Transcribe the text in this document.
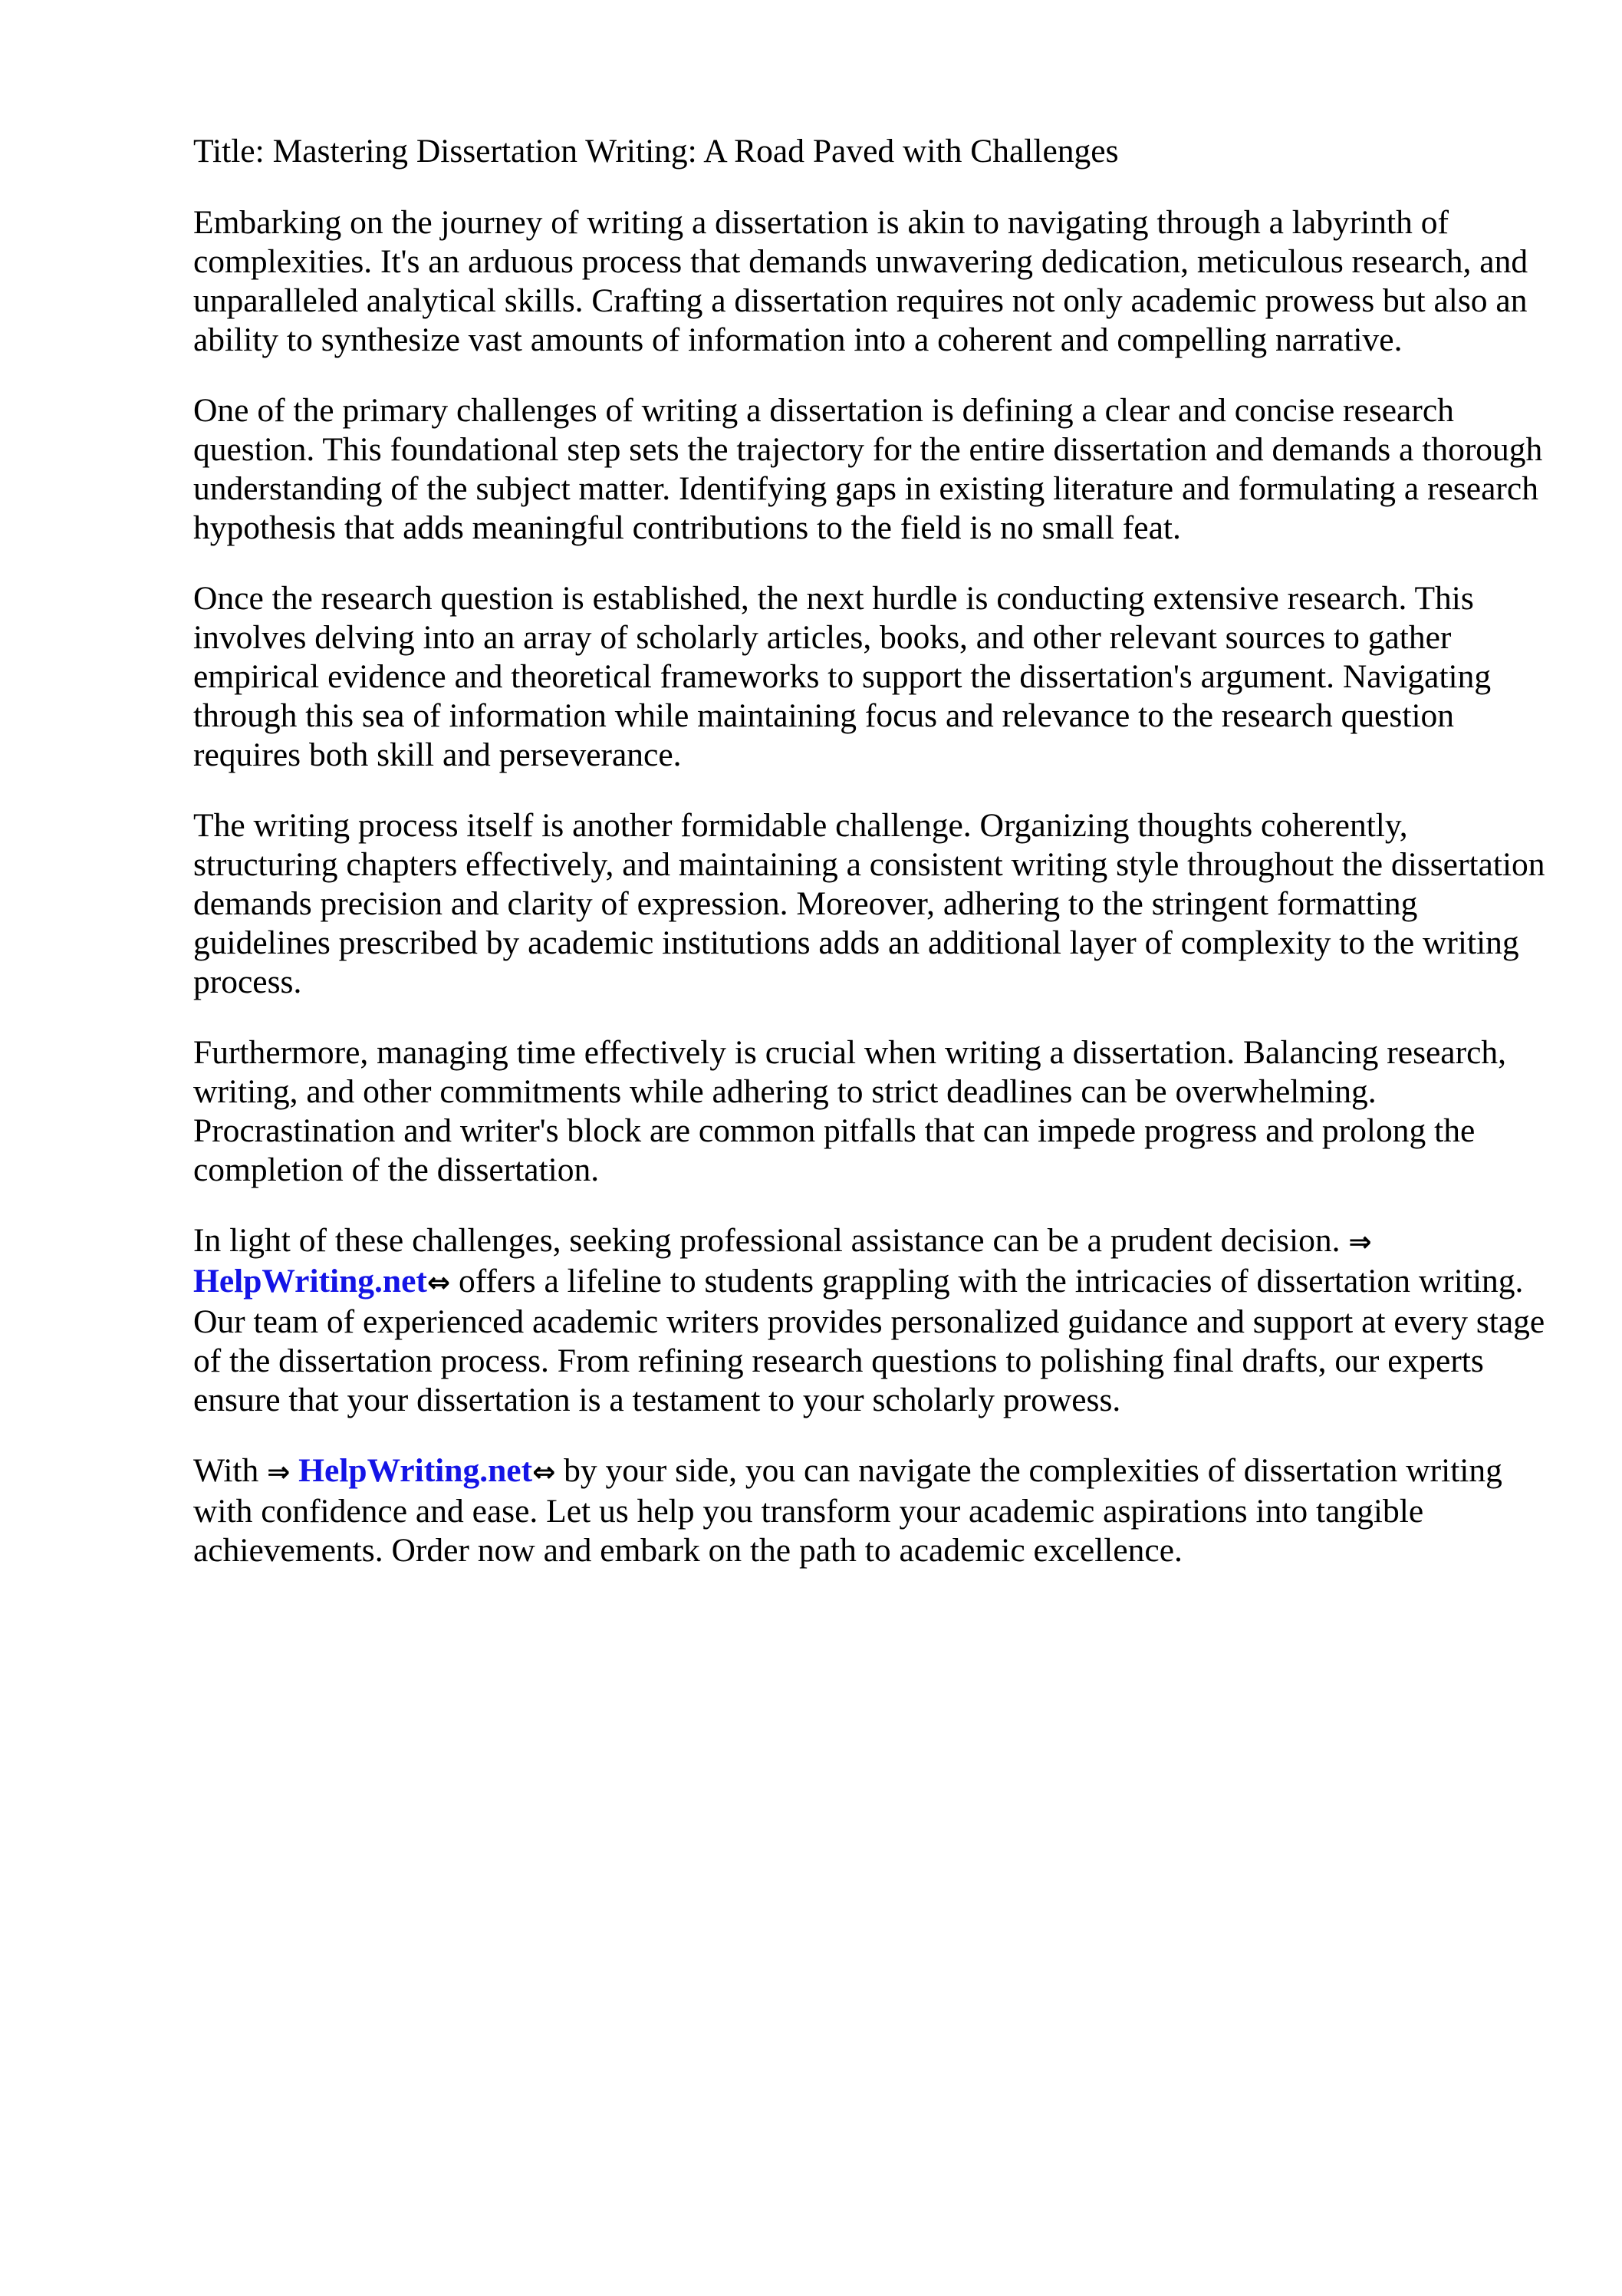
Title: Mastering Dissertation Writing: A Road Paved with Challenges

Embarking on the journey of writing a dissertation is akin to navigating through a labyrinth of complexities. It's an arduous process that demands unwavering dedication, meticulous research, and unparalleled analytical skills. Crafting a dissertation requires not only academic prowess but also an ability to synthesize vast amounts of information into a coherent and compelling narrative.

One of the primary challenges of writing a dissertation is defining a clear and concise research question. This foundational step sets the trajectory for the entire dissertation and demands a thorough understanding of the subject matter. Identifying gaps in existing literature and formulating a research hypothesis that adds meaningful contributions to the field is no small feat.

Once the research question is established, the next hurdle is conducting extensive research. This involves delving into an array of scholarly articles, books, and other relevant sources to gather empirical evidence and theoretical frameworks to support the dissertation's argument. Navigating through this sea of information while maintaining focus and relevance to the research question requires both skill and perseverance.

The writing process itself is another formidable challenge. Organizing thoughts coherently, structuring chapters effectively, and maintaining a consistent writing style throughout the dissertation demands precision and clarity of expression. Moreover, adhering to the stringent formatting guidelines prescribed by academic institutions adds an additional layer of complexity to the writing process.

Furthermore, managing time effectively is crucial when writing a dissertation. Balancing research, writing, and other commitments while adhering to strict deadlines can be overwhelming. Procrastination and writer's block are common pitfalls that can impede progress and prolong the completion of the dissertation.

In light of these challenges, seeking professional assistance can be a prudent decision. ⇒
HelpWriting.net⇔ offers a lifeline to students grappling with the intricacies of dissertation writing. Our team of experienced academic writers provides personalized guidance and support at every stage of the dissertation process. From refining research questions to polishing final drafts, our experts ensure that your dissertation is a testament to your scholarly prowess.

With ⇒ HelpWriting.net⇔ by your side, you can navigate the complexities of dissertation writing with confidence and ease. Let us help you transform your academic aspirations into tangible achievements. Order now and embark on the path to academic excellence.
